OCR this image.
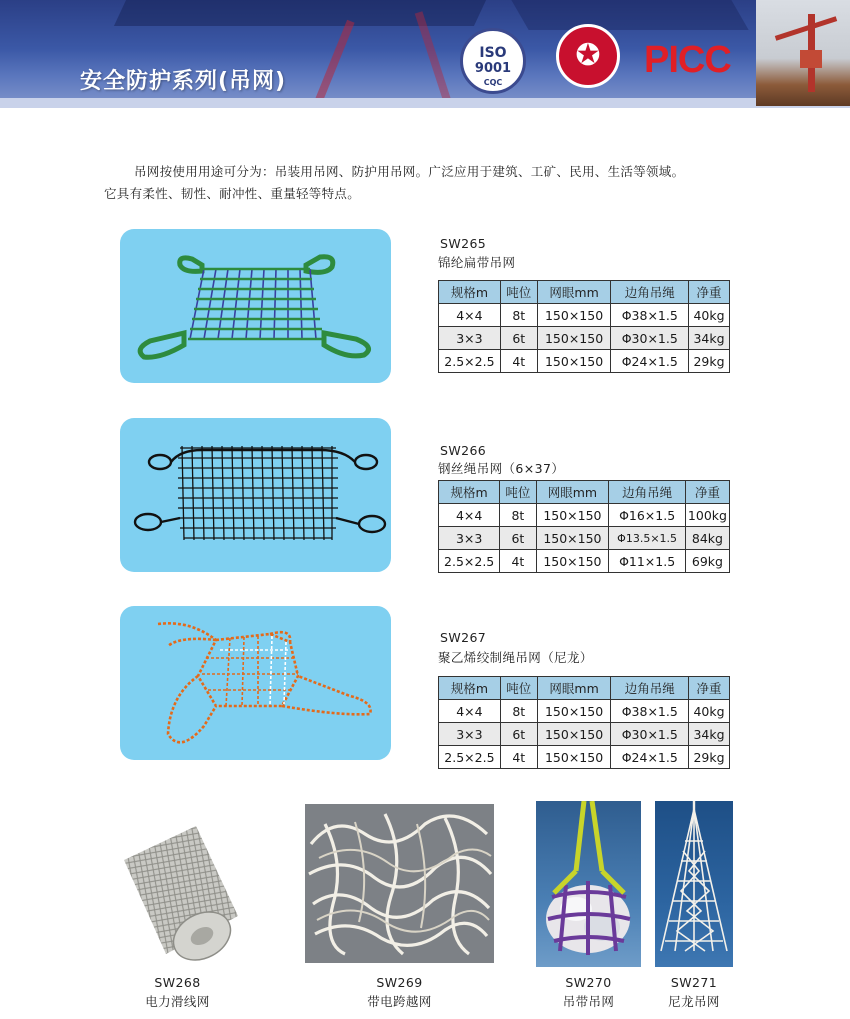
安全防护系列(吊网)
ISO
9001
CQC
✪	PICC

吊网按使用用途可分为：吊装用吊网、防护用吊网。广泛应用于建筑、工矿、民用、生活等领域。

它具有柔性、韧性、耐冲性、重量轻等特点。

SW265
锦纶扁带吊网
规格m	吨位	网眼mm	边角吊绳	净重
4×4	8t	150×150	Φ38×1.5	40kg
3×3	6t	150×150	Φ30×1.5	34kg
2.5×2.5	4t	150×150	Φ24×1.5	29kg
SW266
钢丝绳吊网（6×37）
规格m	吨位	网眼mm	边角吊绳	净重
4×4	8t	150×150	Φ16×1.5	100kg
3×3	6t	150×150	Φ13.5×1.5	84kg
2.5×2.5	4t	150×150	Φ11×1.5	69kg
SW267
聚乙烯绞制绳吊网（尼龙）
规格m	吨位	网眼mm	边角吊绳	净重
4×4	8t	150×150	Φ38×1.5	40kg
3×3	6t	150×150	Φ30×1.5	34kg
2.5×2.5	4t	150×150	Φ24×1.5	29kg
SW268
电力滑线网
SW269
带电跨越网
SW270
吊带吊网
SW271
尼龙吊网
